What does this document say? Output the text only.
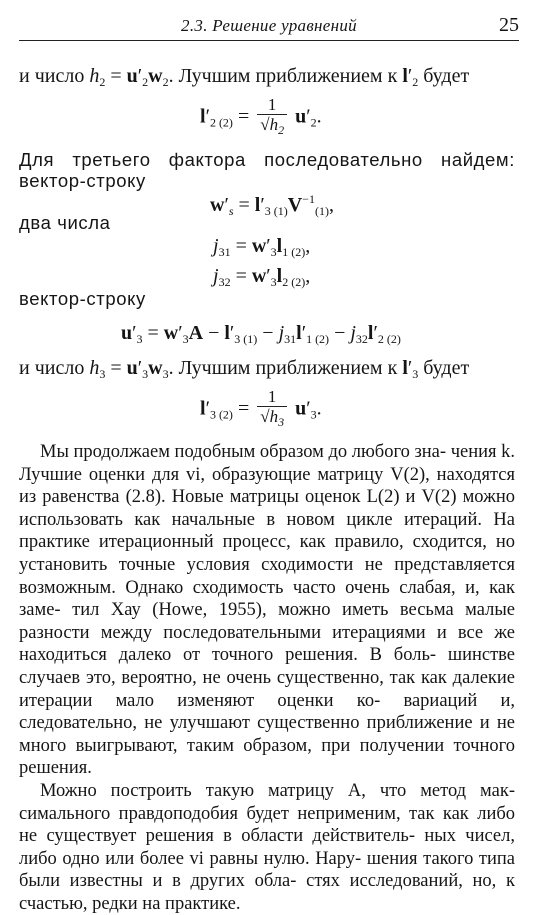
2.3. Решение уравнений	25
и число $h_2 = u'_2w_2$. Лучшим приближением к $l'_2$ будет
$l'_{2 (2)} = \frac{1}{√h_2} u'_2$.
Для третьего фактора последовательно найдем:
вектор-строку
$w'_s = l'_{3 (1)}V^{-1}_{(1)}$,
два числа
$j_{31} = w'_3l_{1 (2)}$,
$j_{32} = w'_3l_{2 (2)}$,
вектор-строку
$u'_3 = w'_3A - l'_{3 (1)} - j_{31}l'_{1 (2)} - j_{32}l'_{2 (2)}$
и число $h_3 = u'_3w_3$. Лучшим приближением к $l'_3$ будет
$l'_{3 (2)} = \frac{1}{√h_3} u'_3$.

Мы продолжаем подобным образом до любого зна- чения k. Лучшие оценки для vi, образующие матрицу V(2), находятся из равенства (2.8). Новые матрицы оценок L(2) и V(2) можно использовать как начальные в новом цикле итераций. На практике итерационный процесс, как правило, сходится, но установить точные условия сходимости не представляется возможным. Однако сходимость часто очень слабая, и, как заме- тил Хау (Howe, 1955), можно иметь весьма малые разности между последовательными итерациями и все же находиться далеко от точного решения. В боль- шинстве случаев это, вероятно, не очень существенно, так как далекие итерации мало изменяют оценки ко- вариаций и, следовательно, не улучшают существенно приближение и не много выигрывают, таким образом, при получении точного решения.

Можно построить такую матрицу A, что метод мак- симального правдоподобия будет неприменим, так как либо не существует решения в области действитель- ных чисел, либо одно или более vi равны нулю. Нару- шения такого типа были известны и в других обла- стях исследований, но, к счастью, редки на практике.
